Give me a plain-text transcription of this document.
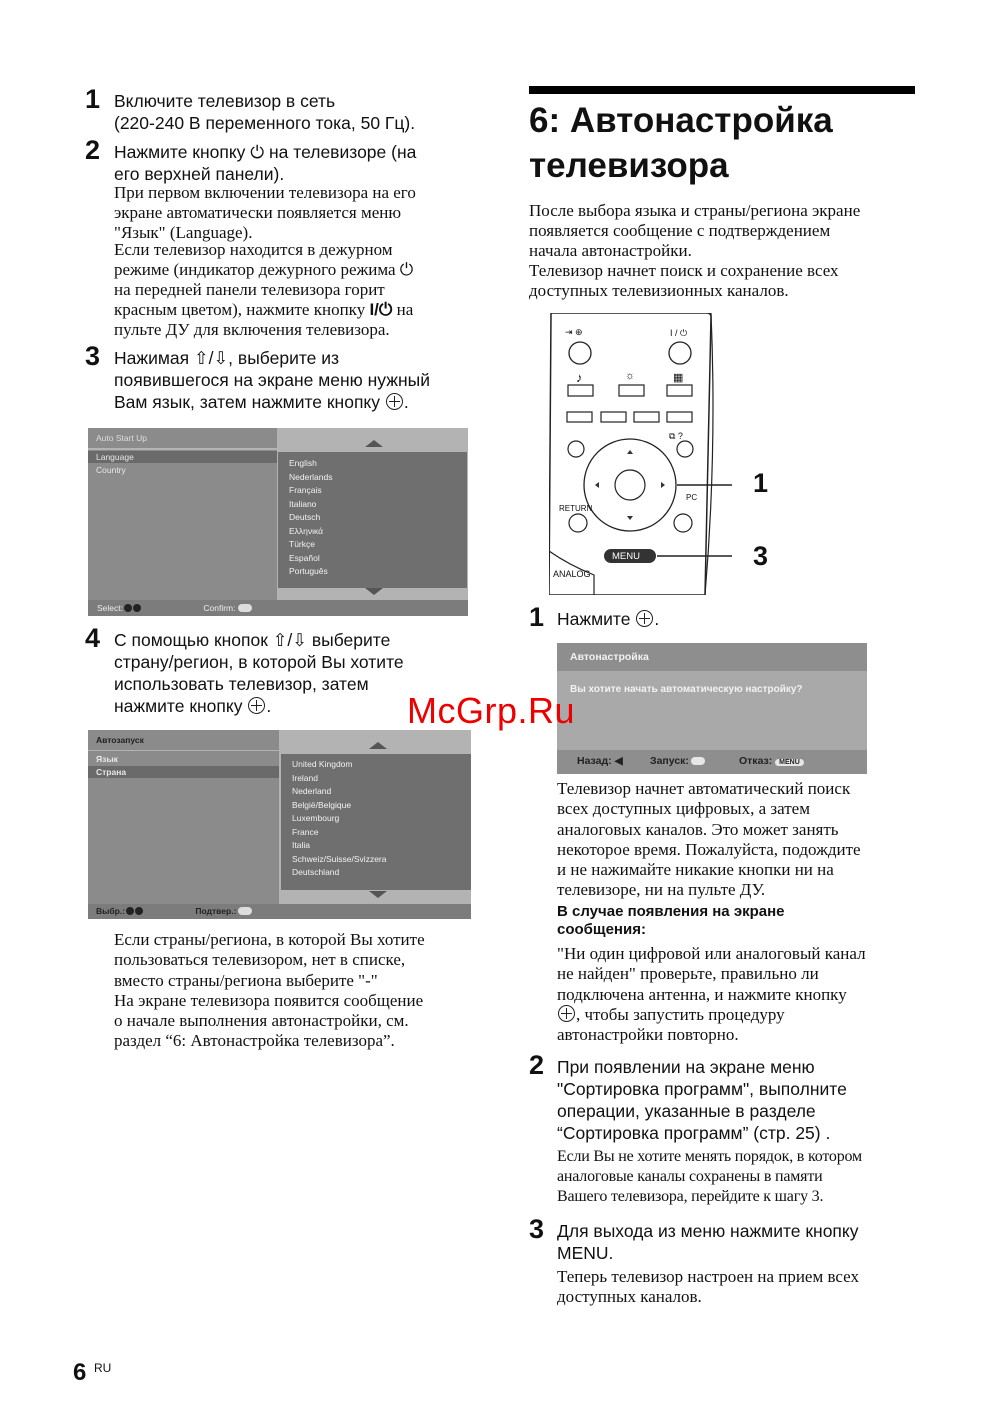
1 Включите телевизор в сеть
(220-240 В переменного тока, 50 Гц).
2 Нажмите кнопку ⏻ на телевизоре (на
его верхней панели).
При первом включении телевизора на его
экране автоматически появляется меню
"Язык" (Language).
Если телевизор находится в дежурном
режиме (индикатор дежурного режима ⏻
на передней панели телевизора горит
красным цветом), нажмите кнопку I/⏻ на
пульте ДУ для включения телевизора.
3 Нажимая ⇧/⇩, выберите из
появившегося на экране меню нужный
Вам язык, затем нажмите кнопку .
Auto Start Up
Language
Country
English
Nederlands
Français
Italiano
Deutsch
Ελληνικά
Türkçe
Español
Português
Select:	Confirm:
4 С помощью кнопок ⇧/⇩ выберите
страну/регион, в которой Вы хотите
использовать телевизор, затем
нажмите кнопку .
Автозапуск
Язык
Страна
United Kingdom
Ireland
Nederland
België/Belgique
Luxembourg
France
Italia
Schweiz/Suisse/Svizzera
Deutschland
Выбр.:	Подтвер.:
Если страны/региона, в которой Вы хотите
пользоваться телевизором, нет в списке,
вместо страны/региона выберите "-"
На экране телевизора появится сообщение
о начале выполнения автонастройки, см.
раздел “6: Автонастройка телевизора”.
6: Автонастройка
телевизора
После выбора языка и страны/региона экране
появляется сообщение с подтверждением
начала автонастройки.
Телевизор начнет поиск и сохранение всех
доступных телевизионных каналов.
⇥ ⊕	I / ⏻
♪	☼	▦
⧉ ?
RETURN
PC
MENU
ANALOG
1
3
1 Нажмите .
Автонастройка
Вы хотите начать автоматическую настройку?
Назад: ◀	Запуск:	Отказ: MENU
Телевизор начнет автоматический поиск
всех доступных цифровых, а затем
аналоговых каналов. Это может занять
некоторое время. Пожалуйста, подождите
и не нажимайте никакие кнопки ни на
телевизоре, ни на пульте ДУ.
В случае появления на экране
сообщения:
"Ни один цифровой или аналоговый канал
не найден" проверьте, правильно ли
подключена антенна, и нажмите кнопку
, чтобы запустить процедуру
автонастройки повторно.
2 При появлении на экране меню
"Сортировка программ", выполните
операции, указанные в разделе
“Сортировка программ” (стр. 25) .
Если Вы не хотите менять порядок, в котором
аналоговые каналы сохранены в памяти
Вашего телевизора, перейдите к шагу 3.
3 Для выхода из меню нажмите кнопку
MENU.
Теперь телевизор настроен на прием всех
доступных каналов.
McGrp.Ru
6 RU
